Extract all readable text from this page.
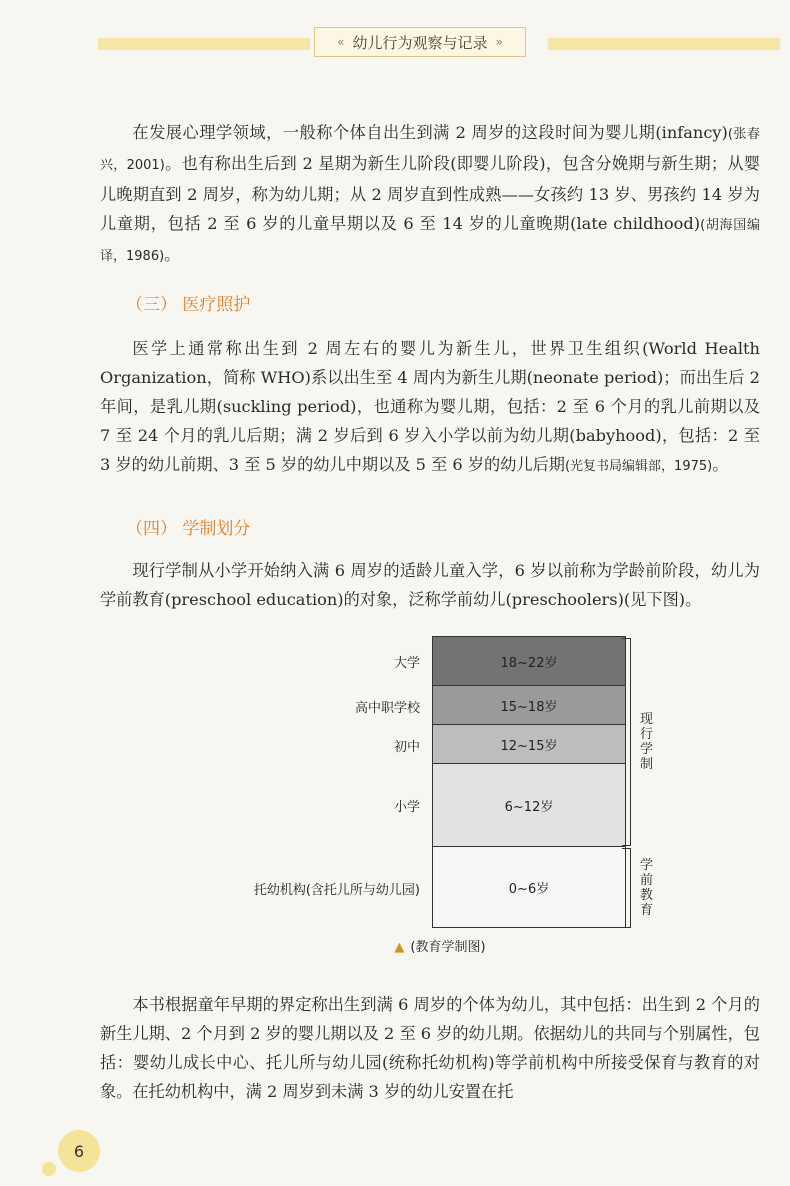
« 幼儿行为观察与记录 »

在发展心理学领域，一般称个体自出生到满 2 周岁的这段时间为婴儿期(infancy)(张春兴，2001)。也有称出生后到 2 星期为新生儿阶段(即婴儿阶段)，包含分娩期与新生期；从婴儿晚期直到 2 周岁，称为幼儿期；从 2 周岁直到性成熟——女孩约 13 岁、男孩约 14 岁为儿童期，包括 2 至 6 岁的儿童早期以及 6 至 14 岁的儿童晚期(late childhood)(胡海国编译，1986)。

（三） 医疗照护

医学上通常称出生到 2 周左右的婴儿为新生儿，世界卫生组织(World Health Organization，简称 WHO)系以出生至 4 周内为新生儿期(neonate period)；而出生后 2 年间，是乳儿期(suckling period)，也通称为婴儿期，包括：2 至 6 个月的乳儿前期以及 7 至 24 个月的乳儿后期；满 2 岁后到 6 岁入小学以前为幼儿期(babyhood)，包括：2 至 3 岁的幼儿前期、3 至 5 岁的幼儿中期以及 5 至 6 岁的幼儿后期(光复书局编辑部，1975)。

（四） 学制划分

现行学制从小学开始纳入满 6 周岁的适龄儿童入学，6 岁以前称为学龄前阶段，幼儿为学前教育(preschool education)的对象，泛称学前幼儿(preschoolers)(见下图)。

18~22岁
15~18岁
12~15岁
6~12岁
0~6岁
大学
高中职学校
初中
小学
托幼机构(含托儿所与幼儿园)
现行学制
学前教育
▲ (教育学制图)

本书根据童年早期的界定称出生到满 6 周岁的个体为幼儿，其中包括：出生到 2 个月的新生儿期、2 个月到 2 岁的婴儿期以及 2 至 6 岁的幼儿期。依据幼儿的共同与个别属性，包括：婴幼儿成长中心、托儿所与幼儿园(统称托幼机构)等学前机构中所接受保育与教育的对象。在托幼机构中，满 2 周岁到未满 3 岁的幼儿安置在托

6
